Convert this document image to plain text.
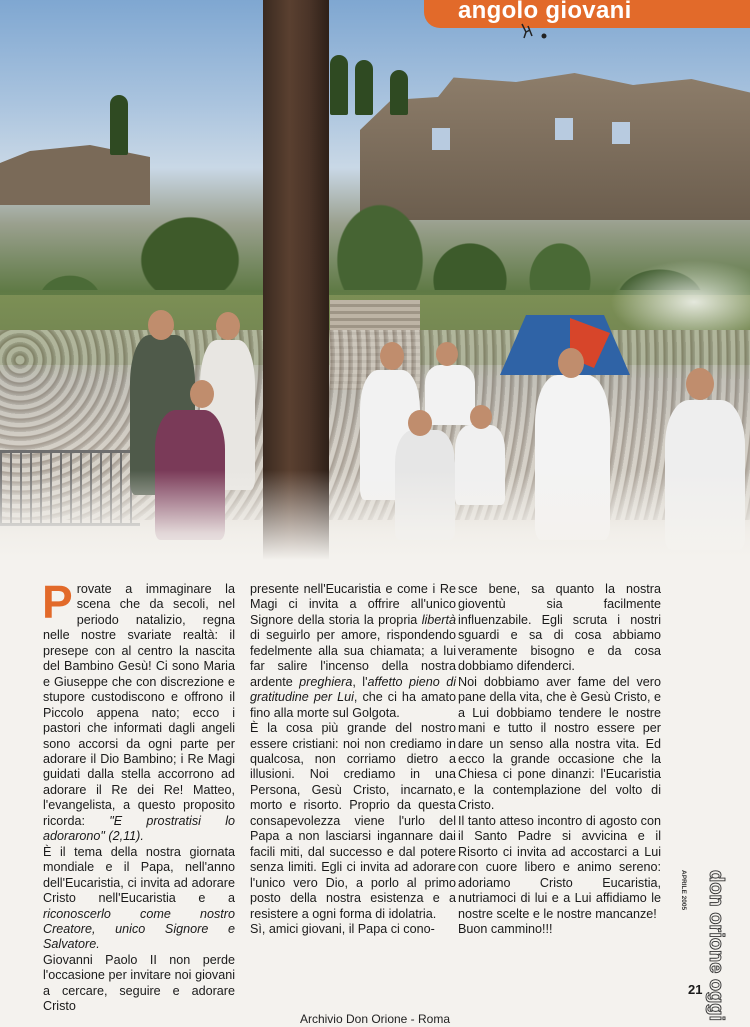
angolo giovani

Provate a immaginare la scena che da secoli, nel periodo natalizio, regna nelle nostre svariate realtà: il presepe con al centro la nascita del Bambino Gesù! Ci sono Maria e Giuseppe che con discrezione e stupore custodiscono e offrono il Piccolo appena nato; ecco i pastori che informati dagli angeli sono accorsi da ogni parte per adorare il Dio Bambino; i Re Magi guidati dalla stella accorrono ad adorare il Re dei Re! Matteo, l'evangelista, a questo proposito ricorda: "E prostratisi lo adorarono" (2,11).

È il tema della nostra giornata mondiale e il Papa, nell'anno dell'Eucaristia, ci invita ad adorare Cristo nell'Eucaristia e a riconoscerlo come nostro Creatore, unico Signore e Salvatore.

Giovanni Paolo II non perde l'occasione per invitare noi giovani a cercare, seguire e adorare Cristo

presente nell'Eucaristia e come i Re Magi ci invita a offrire all'unico Signore della storia la propria libertà di seguirlo per amore, rispondendo fedelmente alla sua chiamata; a lui far salire l'incenso della nostra ardente preghiera, l'affetto pieno di gratitudine per Lui, che ci ha amato fino alla morte sul Golgota.

È la cosa più grande del nostro essere cristiani: noi non crediamo in qualcosa, non corriamo dietro a illusioni. Noi crediamo in una Persona, Gesù Cristo, incarnato, morto e risorto. Proprio da questa consapevolezza viene l'urlo del Papa a non lasciarsi ingannare dai facili miti, dal successo e dal potere senza limiti. Egli ci invita ad adorare l'unico vero Dio, a porlo al primo posto della nostra esistenza e a resistere a ogni forma di idolatria.

Sì, amici giovani, il Papa ci cono-

sce bene, sa quanto la nostra gioventù sia facilmente influenzabile. Egli scruta i nostri sguardi e sa di cosa abbiamo veramente bisogno e da cosa dobbiamo difenderci.

Noi dobbiamo aver fame del vero pane della vita, che è Gesù Cristo, e a Lui dobbiamo tendere le nostre mani e tutto il nostro essere per dare un senso alla nostra vita. Ed ecco la grande occasione che la Chiesa ci pone dinanzi: l'Eucaristia e la contemplazione del volto di Cristo.

Il tanto atteso incontro di agosto con il Santo Padre si avvicina e il Risorto ci invita ad accostarci a Lui con cuore libero e animo sereno: adoriamo Cristo Eucaristia, nutriamoci di lui e a Lui affidiamo le nostre scelte e le nostre mancanze!

Buon cammino!!!	don orione oggi
APRILE 2005
21
Archivio Don Orione - Roma
